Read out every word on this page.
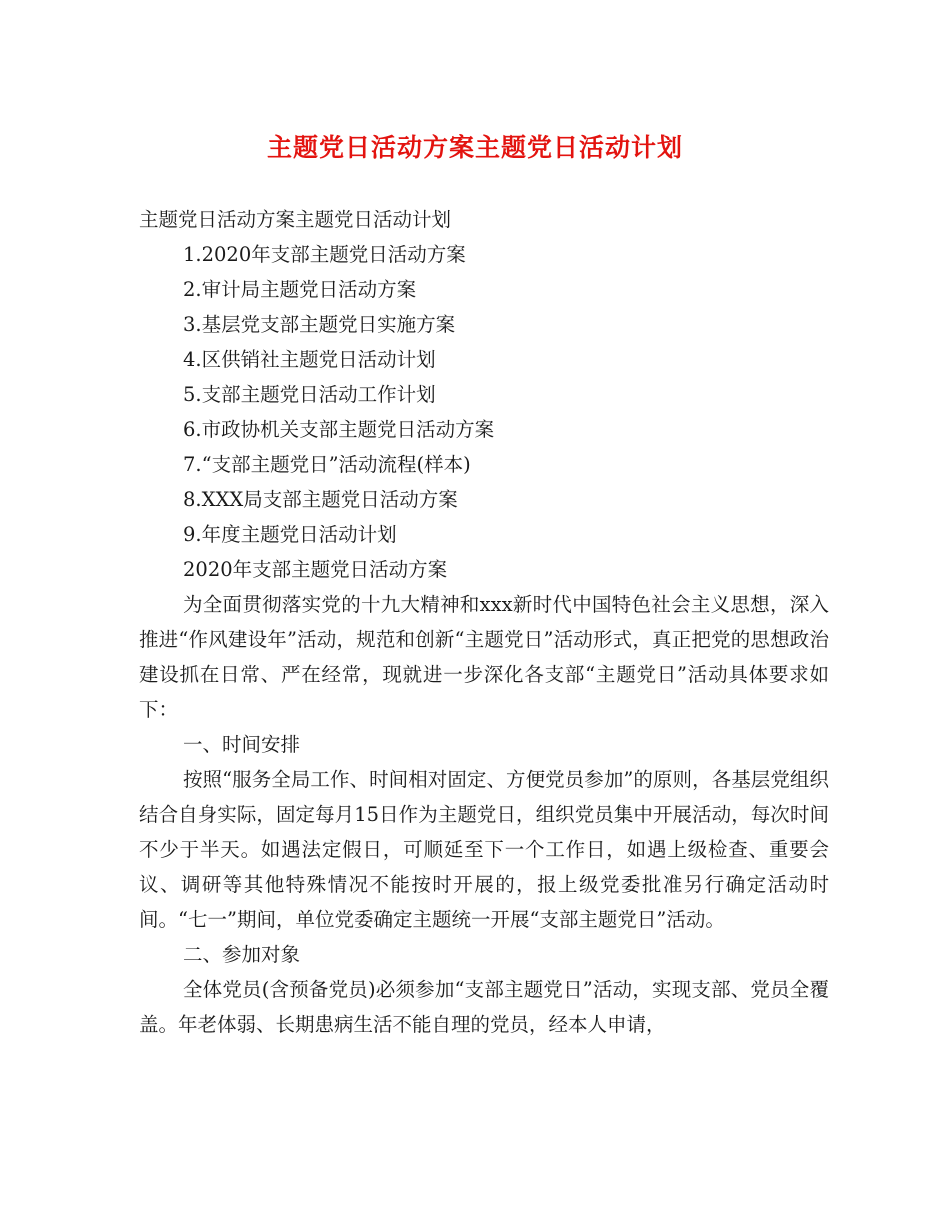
主题党日活动方案主题党日活动计划

主题党日活动方案主题党日活动计划

1.2020年支部主题党日活动方案

2.审计局主题党日活动方案

3.基层党支部主题党日实施方案

4.区供销社主题党日活动计划

5.支部主题党日活动工作计划

6.市政协机关支部主题党日活动方案

7.“支部主题党日”活动流程(样本)

8.XXX局支部主题党日活动方案

9.年度主题党日活动计划

2020年支部主题党日活动方案

为全面贯彻落实党的十九大精神和xxx新时代中国特色社会主义思想，深入推进“作风建设年”活动，规范和创新“主题党日”活动形式，真正把党的思想政治建设抓在日常、严在经常，现就进一步深化各支部“主题党日”活动具体要求如下：

一、时间安排

按照“服务全局工作、时间相对固定、方便党员参加”的原则，各基层党组织结合自身实际，固定每月15日作为主题党日，组织党员集中开展活动，每次时间不少于半天。如遇法定假日，可顺延至下一个工作日，如遇上级检查、重要会议、调研等其他特殊情况不能按时开展的，报上级党委批准另行确定活动时间。“七一”期间，单位党委确定主题统一开展“支部主题党日”活动。

二、参加对象

全体党员(含预备党员)必须参加“支部主题党日”活动，实现支部、党员全覆盖。年老体弱、长期患病生活不能自理的党员，经本人申请，
